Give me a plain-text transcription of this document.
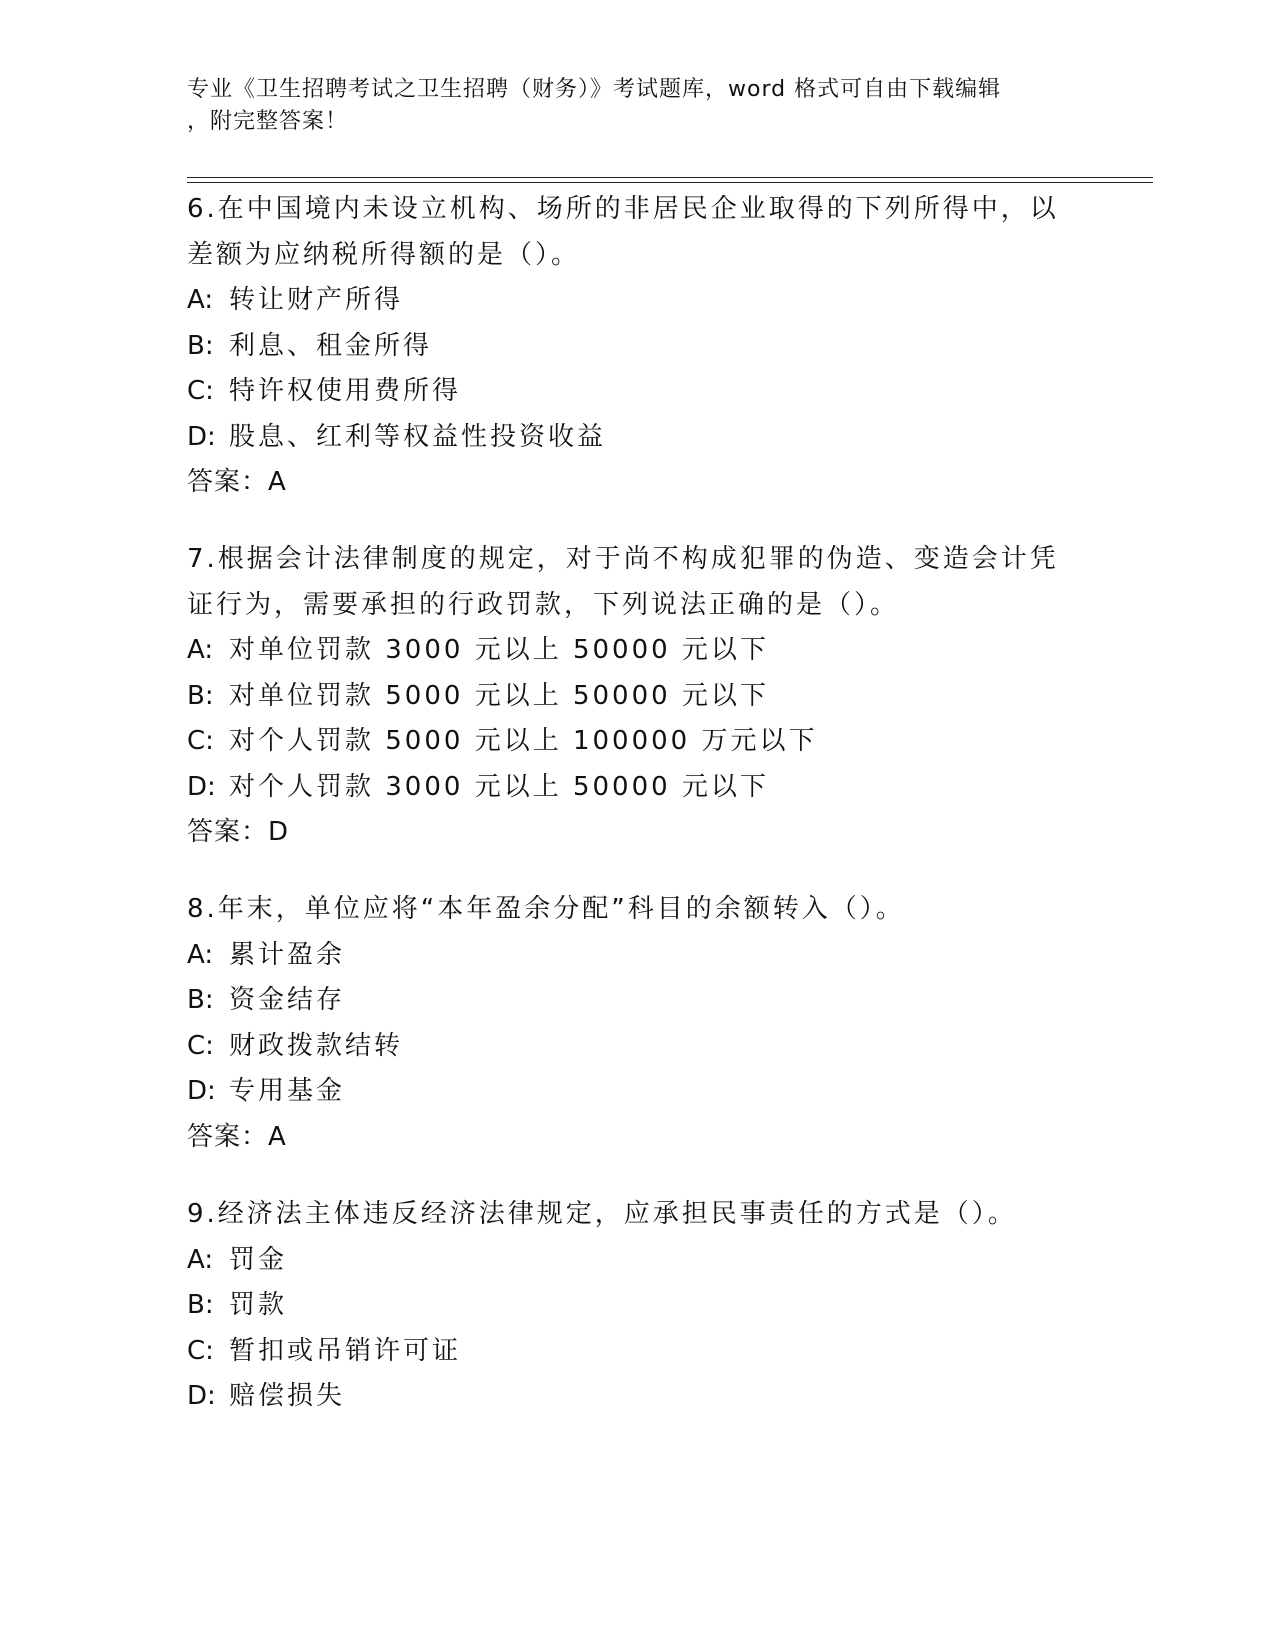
专业《卫生招聘考试之卫生招聘（财务）》考试题库，word 格式可自由下载编辑
，附完整答案！
6.在中国境内未设立机构、场所的非居民企业取得的下列所得中，以
差额为应纳税所得额的是（）。
A: 转让财产所得
B: 利息、租金所得
C: 特许权使用费所得
D: 股息、红利等权益性投资收益
答案：A
7.根据会计法律制度的规定，对于尚不构成犯罪的伪造、变造会计凭
证行为，需要承担的行政罚款，下列说法正确的是（）。
A: 对单位罚款 3000 元以上 50000 元以下
B: 对单位罚款 5000 元以上 50000 元以下
C: 对个人罚款 5000 元以上 100000 万元以下
D: 对个人罚款 3000 元以上 50000 元以下
答案：D
8.年末，单位应将“本年盈余分配”科目的余额转入（）。
A: 累计盈余
B: 资金结存
C: 财政拨款结转
D: 专用基金
答案：A
9.经济法主体违反经济法律规定，应承担民事责任的方式是（）。
A: 罚金
B: 罚款
C: 暂扣或吊销许可证
D: 赔偿损失
